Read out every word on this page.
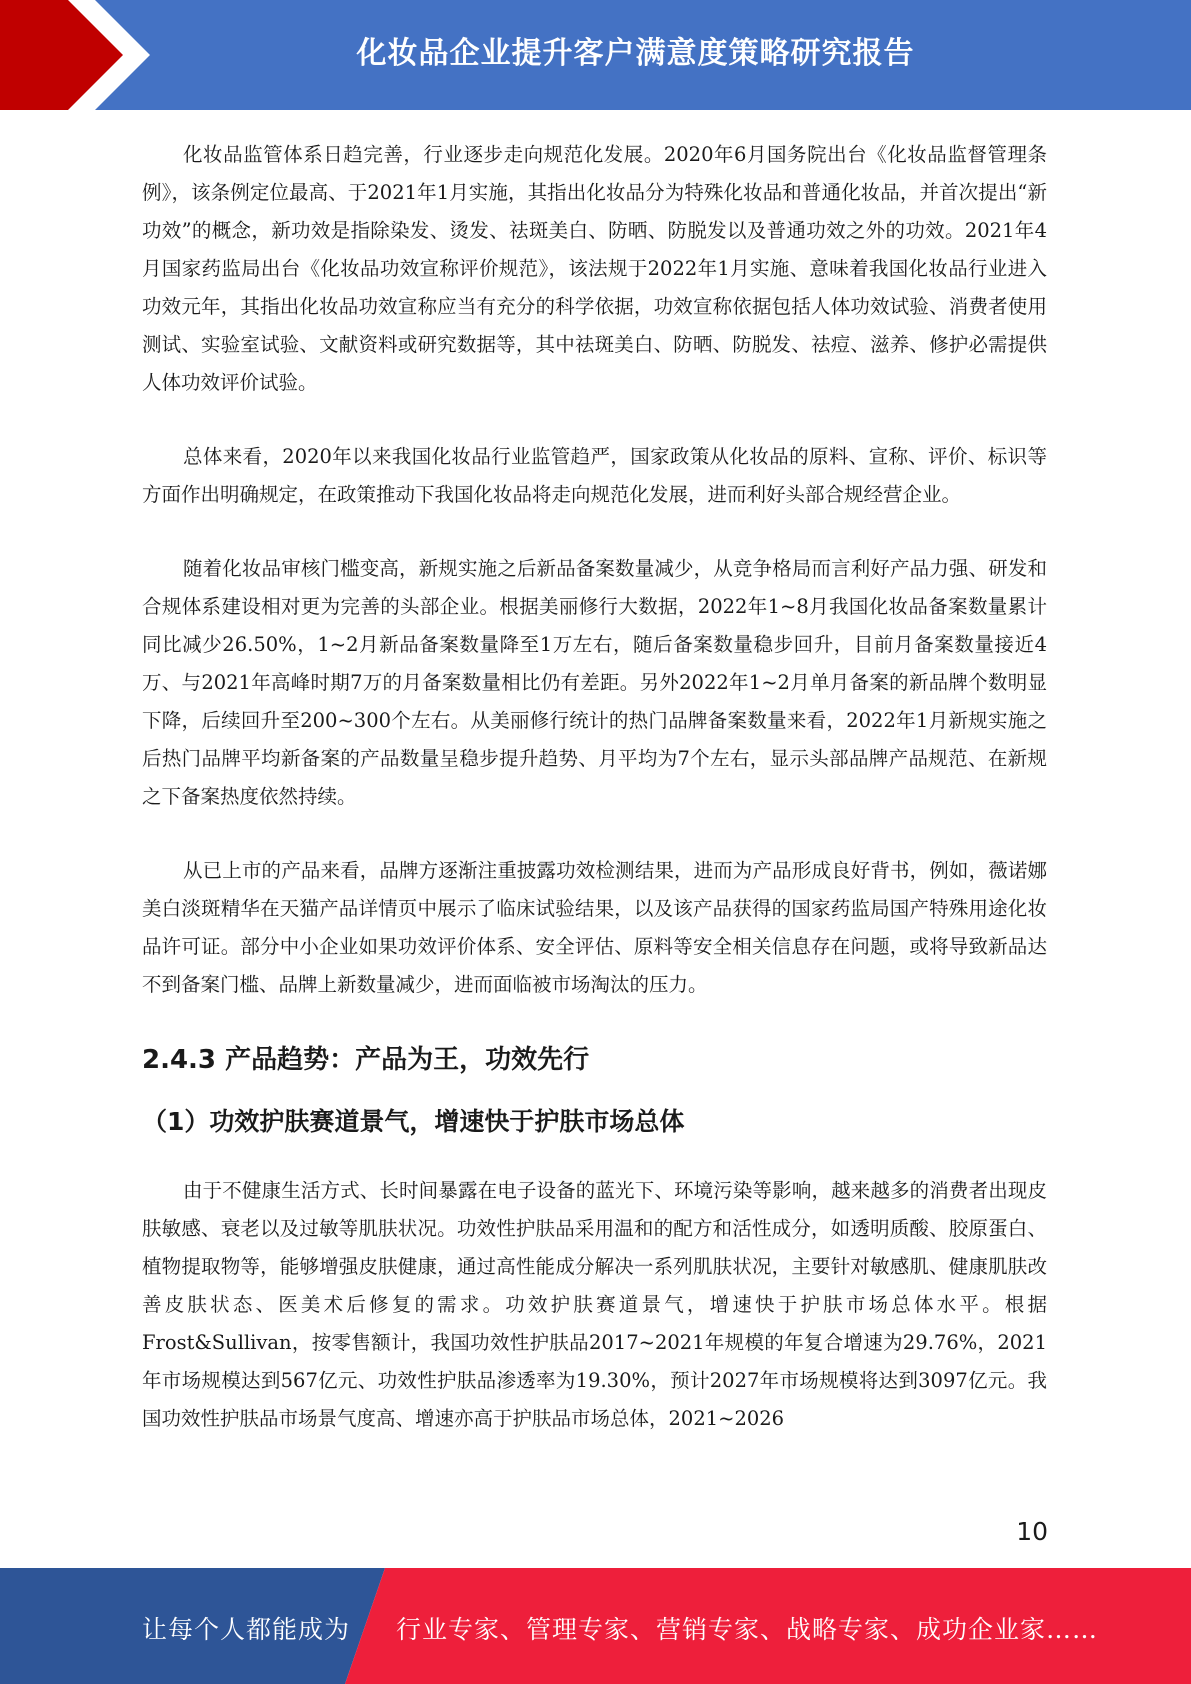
化妆品企业提升客户满意度策略研究报告

化妆品监管体系日趋完善，行业逐步走向规范化发展。2020年6月国务院出台《化妆品监督管理条例》，该条例定位最高、于2021年1月实施，其指出化妆品分为特殊化妆品和普通化妆品，并首次提出“新功效”的概念，新功效是指除染发、烫发、祛斑美白、防晒、防脱发以及普通功效之外的功效。2021年4月国家药监局出台《化妆品功效宣称评价规范》，该法规于2022年1月实施、意味着我国化妆品行业进入功效元年，其指出化妆品功效宣称应当有充分的科学依据，功效宣称依据包括人体功效试验、消费者使用测试、实验室试验、文献资料或研究数据等，其中祛斑美白、防晒、防脱发、祛痘、滋养、修护必需提供人体功效评价试验。

总体来看，2020年以来我国化妆品行业监管趋严，国家政策从化妆品的原料、宣称、评价、标识等方面作出明确规定，在政策推动下我国化妆品将走向规范化发展，进而利好头部合规经营企业。

随着化妆品审核门槛变高，新规实施之后新品备案数量减少，从竞争格局而言利好产品力强、研发和合规体系建设相对更为完善的头部企业。根据美丽修行大数据，2022年1~8月我国化妆品备案数量累计同比减少26.50%，1~2月新品备案数量降至1万左右，随后备案数量稳步回升，目前月备案数量接近4万、与2021年高峰时期7万的月备案数量相比仍有差距。另外2022年1~2月单月备案的新品牌个数明显下降，后续回升至200~300个左右。从美丽修行统计的热门品牌备案数量来看，2022年1月新规实施之后热门品牌平均新备案的产品数量呈稳步提升趋势、月平均为7个左右，显示头部品牌产品规范、在新规之下备案热度依然持续。

从已上市的产品来看，品牌方逐渐注重披露功效检测结果，进而为产品形成良好背书，例如，薇诺娜美白淡斑精华在天猫产品详情页中展示了临床试验结果，以及该产品获得的国家药监局国产特殊用途化妆品许可证。部分中小企业如果功效评价体系、安全评估、原料等安全相关信息存在问题，或将导致新品达不到备案门槛、品牌上新数量减少，进而面临被市场淘汰的压力。

2.4.3 产品趋势：产品为王，功效先行
（1）功效护肤赛道景气，增速快于护肤市场总体

由于不健康生活方式、长时间暴露在电子设备的蓝光下、环境污染等影响，越来越多的消费者出现皮肤敏感、衰老以及过敏等肌肤状况。功效性护肤品采用温和的配方和活性成分，如透明质酸、胶原蛋白、植物提取物等，能够增强皮肤健康，通过高性能成分解决一系列肌肤状况，主要针对敏感肌、健康肌肤改善皮肤状态、医美术后修复的需求。功效护肤赛道景气，增速快于护肤市场总体水平。根据Frost&Sullivan，按零售额计，我国功效性护肤品2017~2021年规模的年复合增速为29.76%，2021年市场规模达到567亿元、功效性护肤品渗透率为19.30%，预计2027年市场规模将达到3097亿元。我国功效性护肤品市场景气度高、增速亦高于护肤品市场总体，2021~2026

10
让每个人都能成为 行业专家、管理专家、营销专家、战略专家、成功企业家……
